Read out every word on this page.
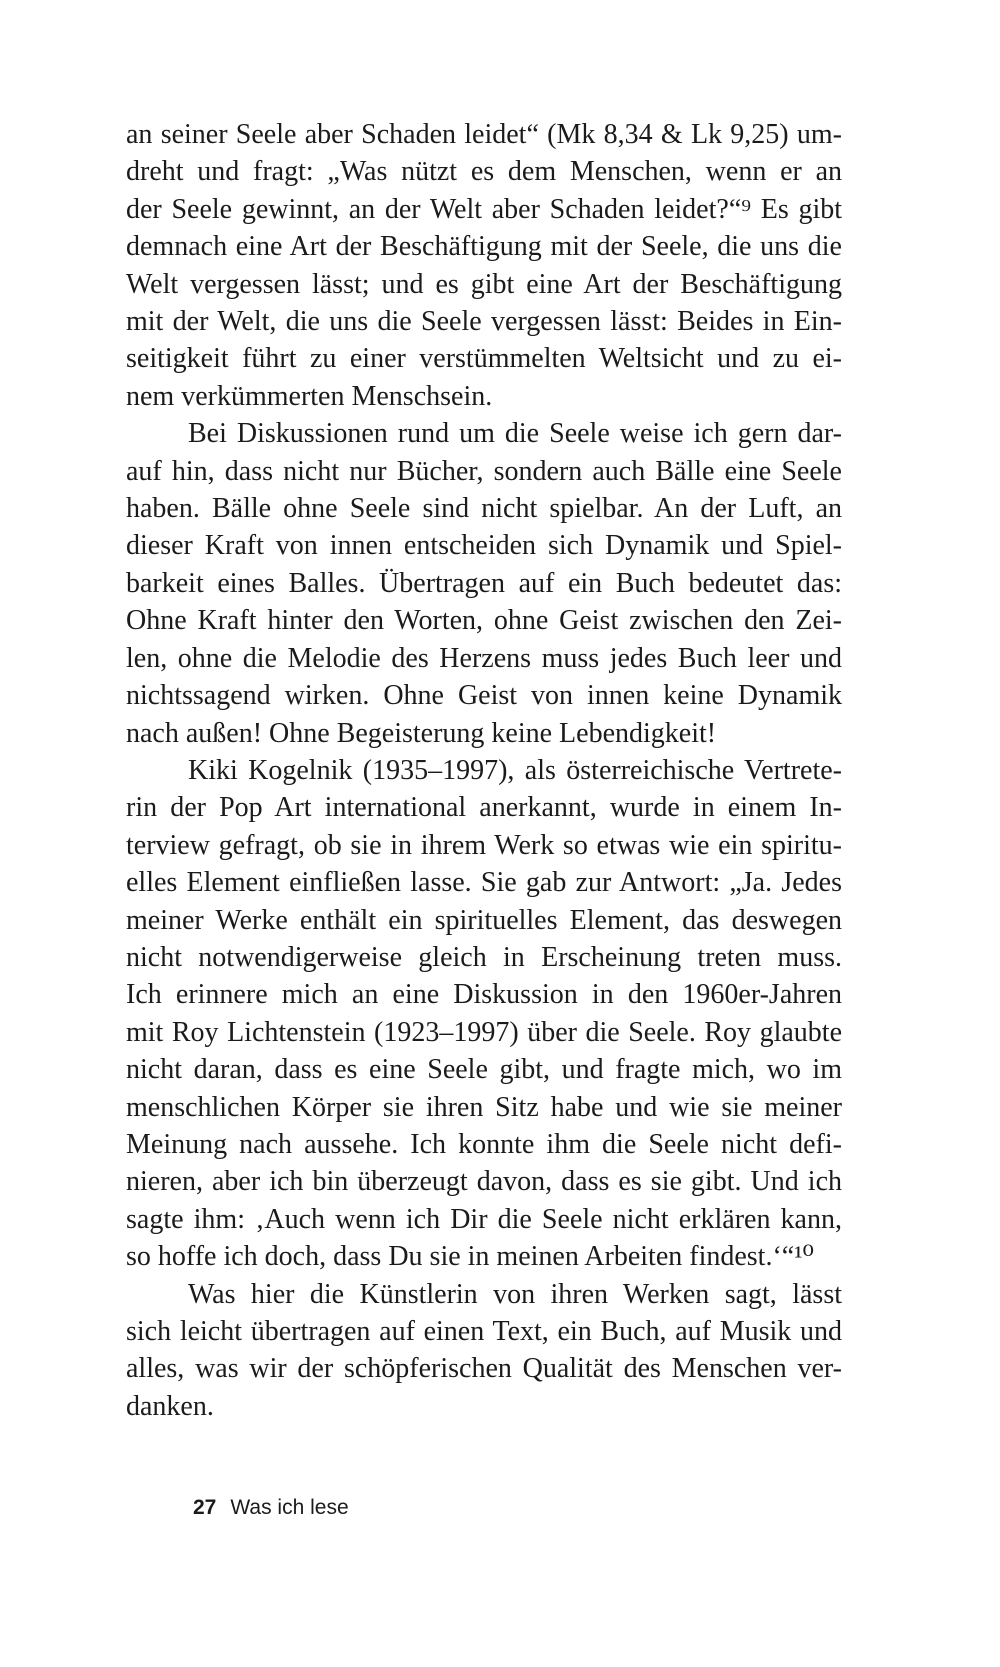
an seiner Seele aber Schaden leidet“ (Mk 8,34 & Lk 9,25) um-
dreht und fragt: „Was nützt es dem Menschen, wenn er an
der Seele gewinnt, an der Welt aber Schaden leidet?“⁹ Es gibt
demnach eine Art der Beschäftigung mit der Seele, die uns die
Welt vergessen lässt; und es gibt eine Art der Beschäftigung
mit der Welt, die uns die Seele vergessen lässt: Beides in Ein-
seitigkeit führt zu einer verstümmelten Weltsicht und zu ei-
nem verkümmerten Menschsein.
Bei Diskussionen rund um die Seele weise ich gern dar-
auf hin, dass nicht nur Bücher, sondern auch Bälle eine Seele
haben. Bälle ohne Seele sind nicht spielbar. An der Luft, an
dieser Kraft von innen entscheiden sich Dynamik und Spiel-
barkeit eines Balles. Übertragen auf ein Buch bedeutet das:
Ohne Kraft hinter den Worten, ohne Geist zwischen den Zei-
len, ohne die Melodie des Herzens muss jedes Buch leer und
nichtssagend wirken. Ohne Geist von innen keine Dynamik
nach außen! Ohne Begeisterung keine Lebendigkeit!
Kiki Kogelnik (1935–1997), als österreichische Vertrete-
rin der Pop Art international anerkannt, wurde in einem In-
terview gefragt, ob sie in ihrem Werk so etwas wie ein spiritu-
elles Element einfließen lasse. Sie gab zur Antwort: „Ja. Jedes
meiner Werke enthält ein spirituelles Element, das deswegen
nicht notwendigerweise gleich in Erscheinung treten muss.
Ich erinnere mich an eine Diskussion in den 1960er-Jahren
mit Roy Lichtenstein (1923–1997) über die Seele. Roy glaubte
nicht daran, dass es eine Seele gibt, und fragte mich, wo im
menschlichen Körper sie ihren Sitz habe und wie sie meiner
Meinung nach aussehe. Ich konnte ihm die Seele nicht defi-
nieren, aber ich bin überzeugt davon, dass es sie gibt. Und ich
sagte ihm: ‚Auch wenn ich Dir die Seele nicht erklären kann,
so hoffe ich doch, dass Du sie in meinen Arbeiten findest.‘“¹⁰
Was hier die Künstlerin von ihren Werken sagt, lässt
sich leicht übertragen auf einen Text, ein Buch, auf Musik und
alles, was wir der schöpferischen Qualität des Menschen ver-
danken.
27 Was ich lese
